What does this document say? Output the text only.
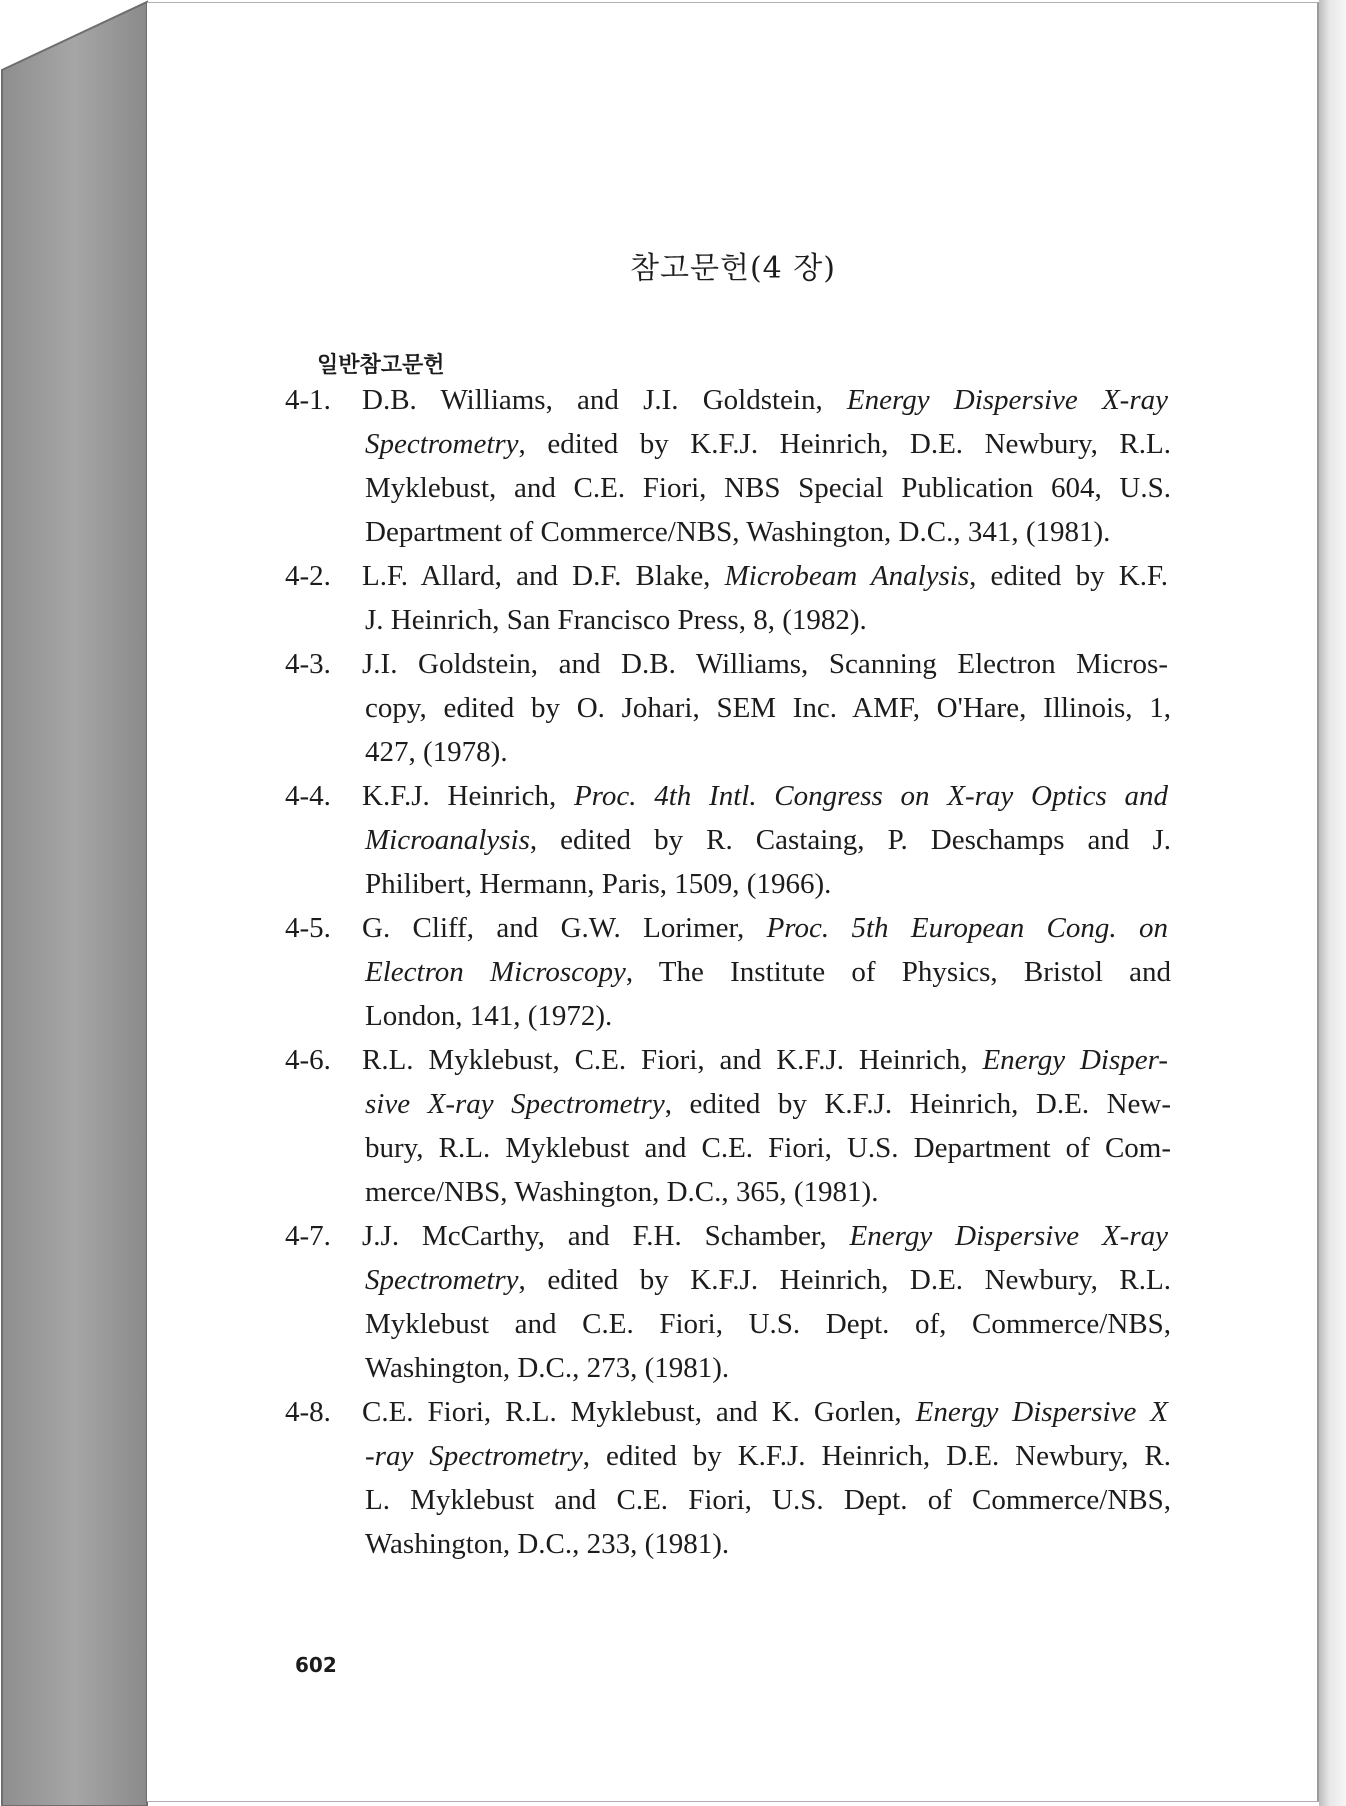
참고문헌(4 장)
일반참고문헌
4-1.	D.B. Williams, and J.I. Goldstein, Energy Dispersive X-ray
Spectrometry, edited by K.F.J. Heinrich, D.E. Newbury, R.L.
Myklebust, and C.E. Fiori, NBS Special Publication 604, U.S.
Department of Commerce/NBS, Washington, D.C., 341, (1981).
4-2.	L.F. Allard, and D.F. Blake, Microbeam Analysis, edited by K.F.
J. Heinrich, San Francisco Press, 8, (1982).
4-3.	J.I. Goldstein, and D.B. Williams, Scanning Electron Micros-
copy, edited by O. Johari, SEM Inc. AMF, O'Hare, Illinois, 1,
427, (1978).
4-4.	K.F.J. Heinrich, Proc. 4th Intl. Congress on X-ray Optics and
Microanalysis, edited by R. Castaing, P. Deschamps and J.
Philibert, Hermann, Paris, 1509, (1966).
4-5.	G. Cliff, and G.W. Lorimer, Proc. 5th European Cong. on
Electron Microscopy, The Institute of Physics, Bristol and
London, 141, (1972).
4-6.	R.L. Myklebust, C.E. Fiori, and K.F.J. Heinrich, Energy Disper-
sive X-ray Spectrometry, edited by K.F.J. Heinrich, D.E. New-
bury, R.L. Myklebust and C.E. Fiori, U.S. Department of Com-
merce/NBS, Washington, D.C., 365, (1981).
4-7.	J.J. McCarthy, and F.H. Schamber, Energy Dispersive X-ray
Spectrometry, edited by K.F.J. Heinrich, D.E. Newbury, R.L.
Myklebust and C.E. Fiori, U.S. Dept. of, Commerce/NBS,
Washington, D.C., 273, (1981).
4-8.	C.E. Fiori, R.L. Myklebust, and K. Gorlen, Energy Dispersive X
-ray Spectrometry, edited by K.F.J. Heinrich, D.E. Newbury, R.
L. Myklebust and C.E. Fiori, U.S. Dept. of Commerce/NBS,
Washington, D.C., 233, (1981).
602
